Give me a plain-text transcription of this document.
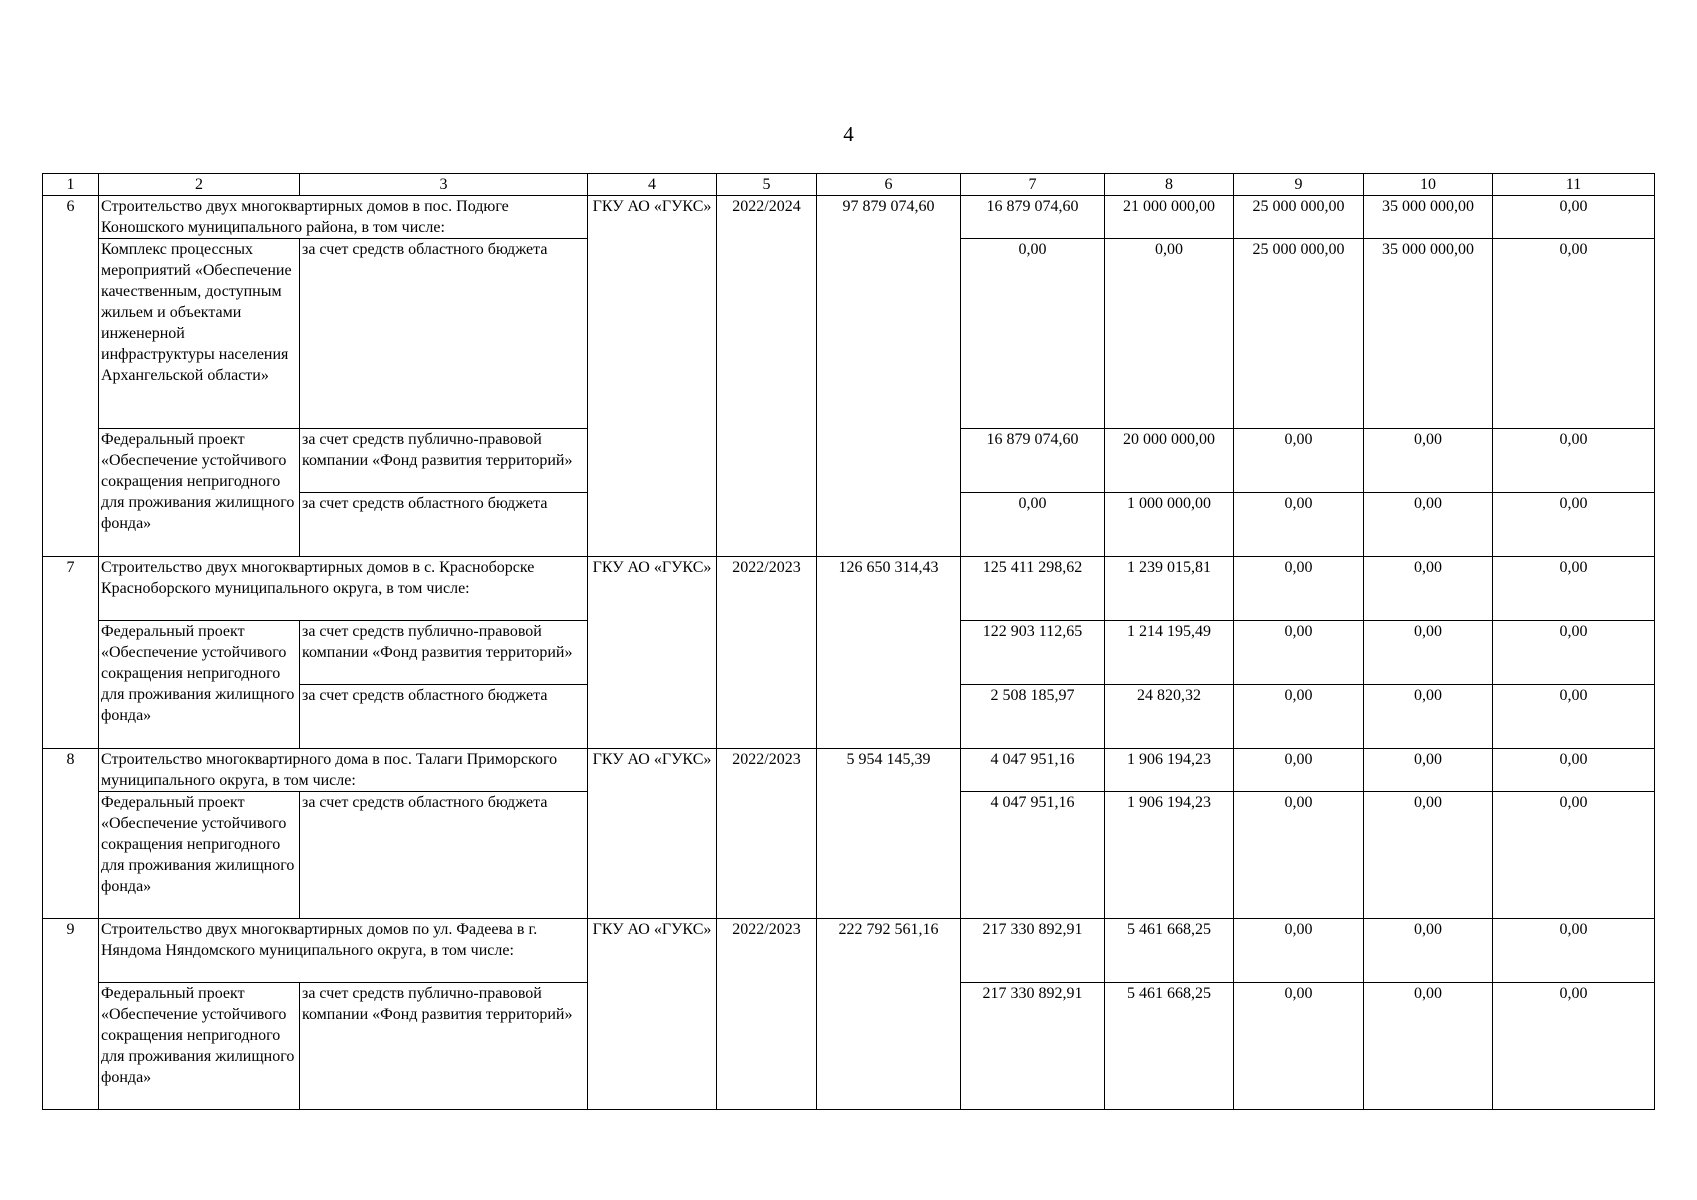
4
1	2	3	4	5	6	7	8	9	10	11
6	Строительство двух многоквартирных домов в пос. Подюге Коношского муниципального района, в том числе:		ГКУ АО «ГУКС»	2022/2024	97 879 074,60	16 879 074,60	21 000 000,00	25 000 000,00	35 000 000,00	0,00
	Комплекс процессных мероприятий «Обеспечение качественным, доступным жильем и объектами инженерной инфраструктуры населения Архангельской области»	за счет средств областного бюджета				0,00	0,00	25 000 000,00	35 000 000,00	0,00
	Федеральный проект «Обеспечение устойчивого сокращения непригодного для проживания жилищного фонда»	за счет средств публично-правовой компании «Фонд развития территорий»				16 879 074,60	20 000 000,00	0,00	0,00	0,00
		за счет средств областного бюджета				0,00	1 000 000,00	0,00	0,00	0,00
7	Строительство двух многоквартирных домов в с. Красноборске Красноборского муниципального округа, в том числе:		ГКУ АО «ГУКС»	2022/2023	126 650 314,43	125 411 298,62	1 239 015,81	0,00	0,00	0,00
	Федеральный проект «Обеспечение устойчивого сокращения непригодного для проживания жилищного фонда»	за счет средств публично-правовой компании «Фонд развития территорий»				122 903 112,65	1 214 195,49	0,00	0,00	0,00
		за счет средств областного бюджета				2 508 185,97	24 820,32	0,00	0,00	0,00
8	Строительство многоквартирного дома в пос. Талаги Приморского муниципального округа, в том числе:		ГКУ АО «ГУКС»	2022/2023	5 954 145,39	4 047 951,16	1 906 194,23	0,00	0,00	0,00
	Федеральный проект «Обеспечение устойчивого сокращения непригодного для проживания жилищного фонда»	за счет средств областного бюджета				4 047 951,16	1 906 194,23	0,00	0,00	0,00
9	Строительство двух многоквартирных домов по ул. Фадеева в г. Няндома Няндомского муниципального округа, в том числе:		ГКУ АО «ГУКС»	2022/2023	222 792 561,16	217 330 892,91	5 461 668,25	0,00	0,00	0,00
	Федеральный проект «Обеспечение устойчивого сокращения непригодного для проживания жилищного фонда»	за счет средств публично-правовой компании «Фонд развития территорий»				217 330 892,91	5 461 668,25	0,00	0,00	0,00
